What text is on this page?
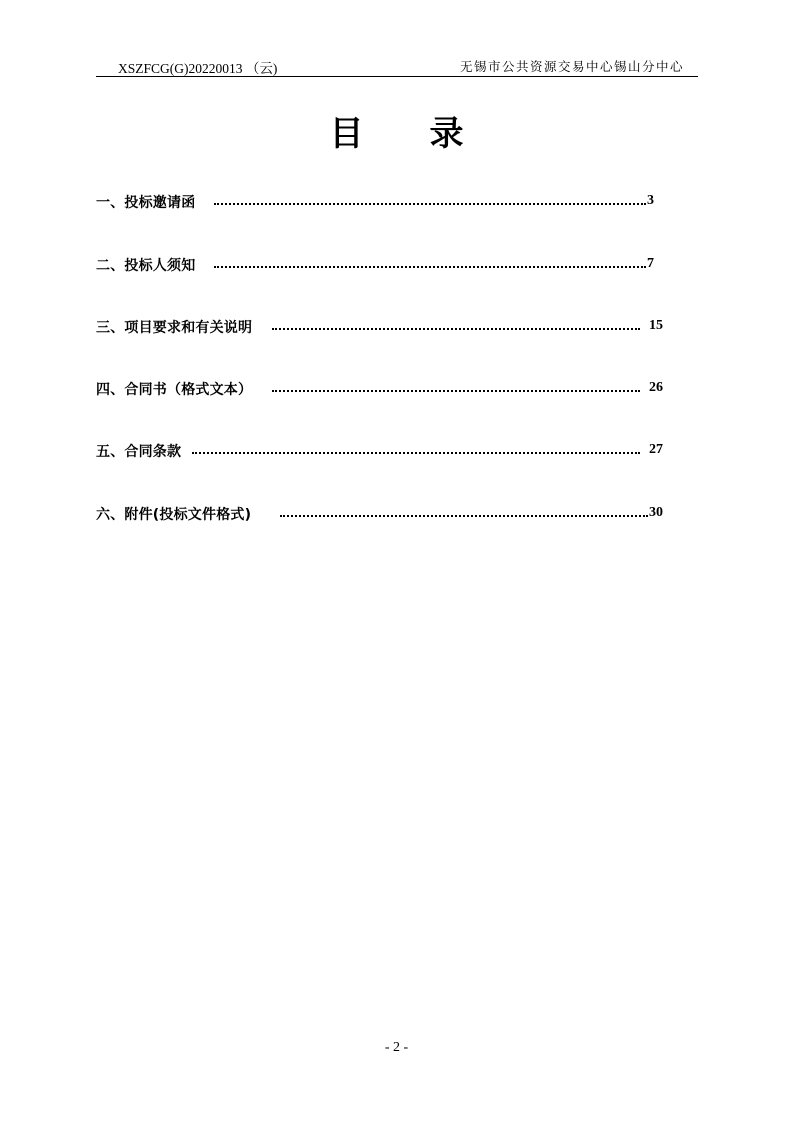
XSZFCG(G)20220013 （云)	无锡市公共资源交易中心锡山分中心
目 录
一、投标邀请函	3
二、投标人须知	7
三、项目要求和有关说明	15
四、合同书（格式文本）	26
五、合同条款	27
六、附件(投标文件格式)	30
- 2 -
